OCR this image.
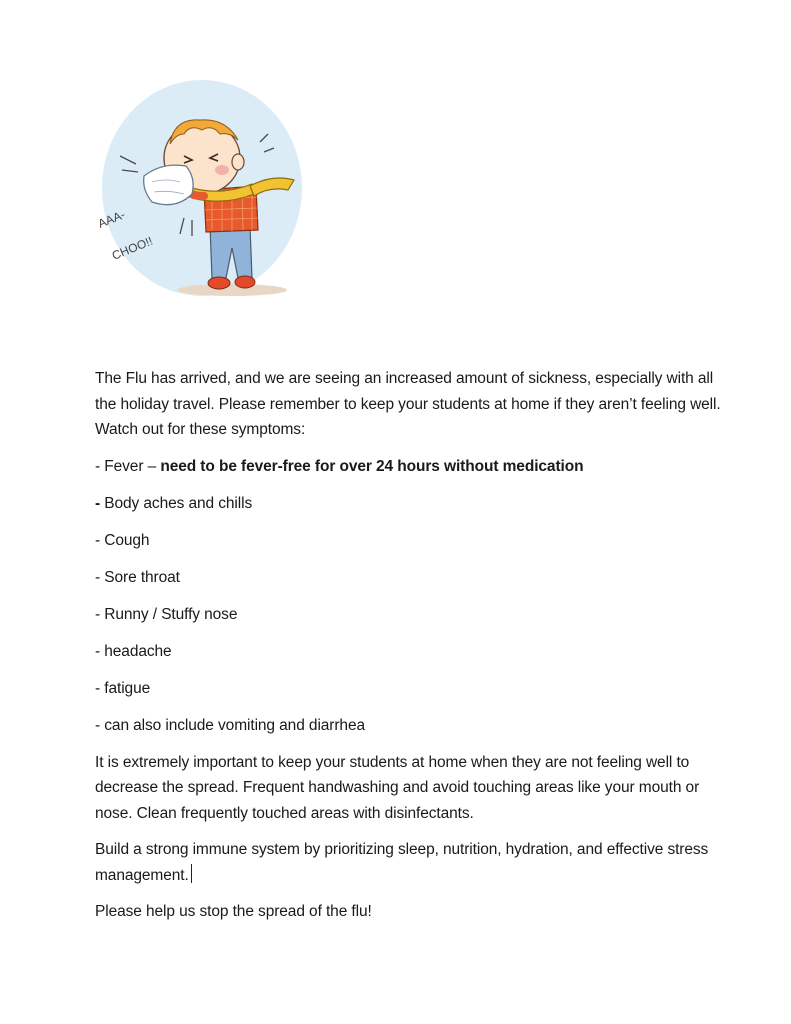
AAA-
CHOO!!

The Flu has arrived, and we are seeing an increased amount of sickness, especially with all the holiday travel. Please remember to keep your students at home if they aren’t feeling well. Watch out for these symptoms:

- Fever – need to be fever-free for over 24 hours without medication

- Body aches and chills

- Cough

- Sore throat

- Runny / Stuffy nose

- headache

- fatigue

- can also include vomiting and diarrhea

It is extremely important to keep your students at home when they are not feeling well to decrease the spread. Frequent handwashing and avoid touching areas like your mouth or nose. Clean frequently touched areas with disinfectants.

Build a strong immune system by prioritizing sleep, nutrition, hydration, and effective stress management.

Please help us stop the spread of the flu!
